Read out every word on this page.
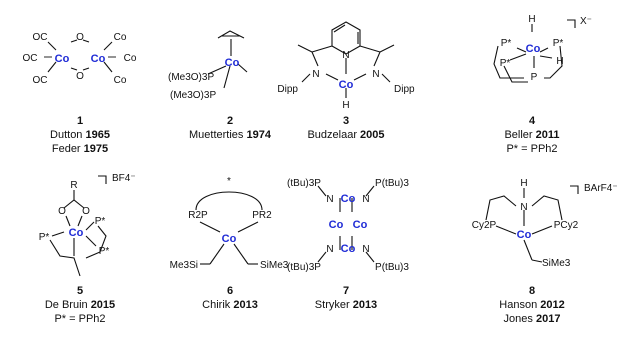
O
O
Co Co
OC
OC
OC
Co
Co
Co
Co
(Me3O)3P
(Me3O)3P
N
N	N
Co
H
Dipp	Dipp
H
Co
P*	P*
P*
P
H
X⁻
R
O O
Co
P*
P*
P*
BF4⁻	*
R2P	PR2
Co
Me3Si	SiMe3
N Co N
Co Co
N Co N
(tBu)3P	P(tBu)3
(tBu)3P	P(tBu)3
H
N
Co
Cy2P	PCy2
SiMe3
BArF4⁻
1
Dutton 1965
Feder 1975
2
Muetterties 1974
3
Budzelaar 2005
4
Beller 2011
P* = PPh2
5
De Bruin 2015
P* = PPh2
6
Chirik 2013
7
Stryker 2013
8
Hanson 2012
Jones 2017
